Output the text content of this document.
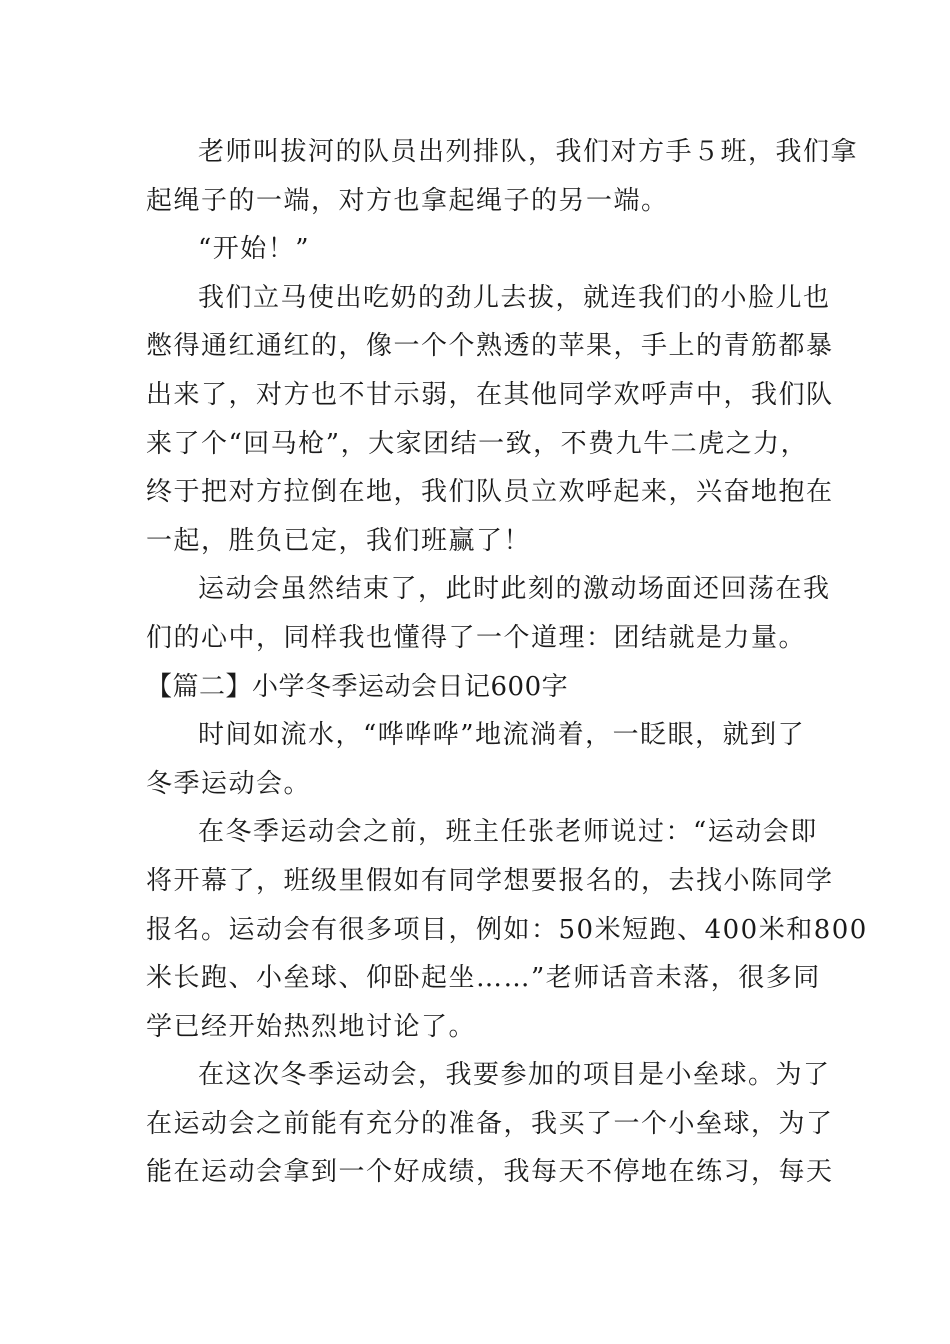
老师叫拔河的队员出列排队，我们对方手５班，我们拿
起绳子的一端，对方也拿起绳子的另一端。
“开始！”
我们立马使出吃奶的劲儿去拔，就连我们的小脸儿也
憋得通红通红的，像一个个熟透的苹果，手上的青筋都暴
出来了，对方也不甘示弱，在其他同学欢呼声中，我们队
来了个“回马枪”，大家团结一致，不费九牛二虎之力，
终于把对方拉倒在地，我们队员立欢呼起来，兴奋地抱在
一起，胜负已定，我们班赢了！
运动会虽然结束了，此时此刻的激动场面还回荡在我
们的心中，同样我也懂得了一个道理：团结就是力量。
【篇二】小学冬季运动会日记600字
时间如流水，“哗哗哗”地流淌着，一眨眼，就到了
冬季运动会。
在冬季运动会之前，班主任张老师说过：“运动会即
将开幕了，班级里假如有同学想要报名的，去找小陈同学
报名。运动会有很多项目，例如：50米短跑、400米和800
米长跑、小垒球、仰卧起坐……”老师话音未落，很多同
学已经开始热烈地讨论了。
在这次冬季运动会，我要参加的项目是小垒球。为了
在运动会之前能有充分的准备，我买了一个小垒球，为了
能在运动会拿到一个好成绩，我每天不停地在练习，每天
